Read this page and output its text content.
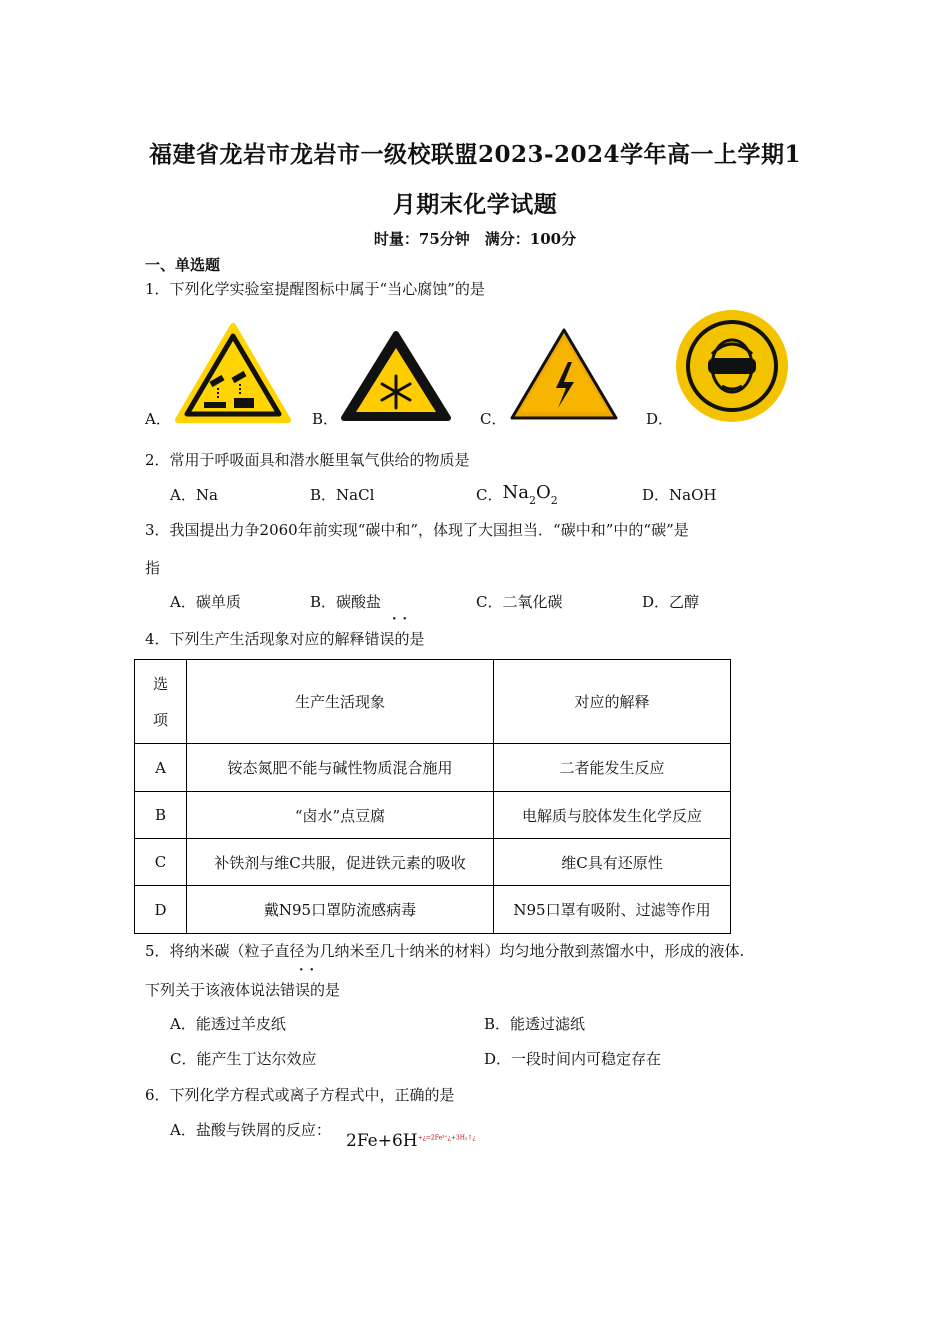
福建省龙岩市龙岩市一级校联盟2023-2024学年高一上学期1
月期末化学试题
时量：75分钟　满分：100分
一、单选题
1．下列化学实验室提醒图标中属于“当心腐蚀”的是
A．	B．	C．	D．
2．常用于呼吸面具和潜水艇里氧气供给的物质是
A．Na	B．NaCl	C．$Na_2O_2$	D．NaOH
3．我国提出力争2060年前实现“碳中和”，体现了大国担当．“碳中和”中的“碳”是
指
A．碳单质	B．碳酸盐	C．二氧化碳	D．乙醇
··
4．下列生产生活现象对应的解释错误的是
选
项	生产生活现象	对应的解释
A	铵态氮肥不能与碱性物质混合施用	二者能发生反应
B	“卤水”点豆腐	电解质与胶体发生化学反应
C	补铁剂与维C共服，促进铁元素的吸收	维C具有还原性
D	戴N95口罩防流感病毒	N95口罩有吸附、过滤等作用
5．将纳米碳（粒子直径为几纳米至几十纳米的材料）均匀地分散到蒸馏水中，形成的液体.
··
下列关于该液体说法错误的是
A．能透过羊皮纸	B．能透过滤纸
C．能产生丁达尔效应	D．一段时间内可稳定存在
6．下列化学方程式或离子方程式中，正确的是
A．盐酸与铁屑的反应：
$2Fe+6H^{+¿=2Fe^{3+}¿+3H_2↑¿}$
